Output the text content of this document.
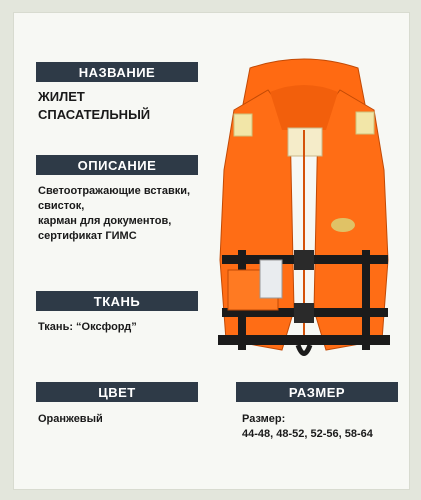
НАЗВАНИЕ
ЖИЛЕТ
СПАСАТЕЛЬНЫЙ
ОПИСАНИЕ
Светоотражающие вставки,
свисток,
карман для документов,
сертификат ГИМС
ТКАНЬ
Ткань: “Оксфорд”
ЦВЕТ
Оранжевый
РАЗМЕР
Размер:
44-48, 48-52, 52-56, 58-64
